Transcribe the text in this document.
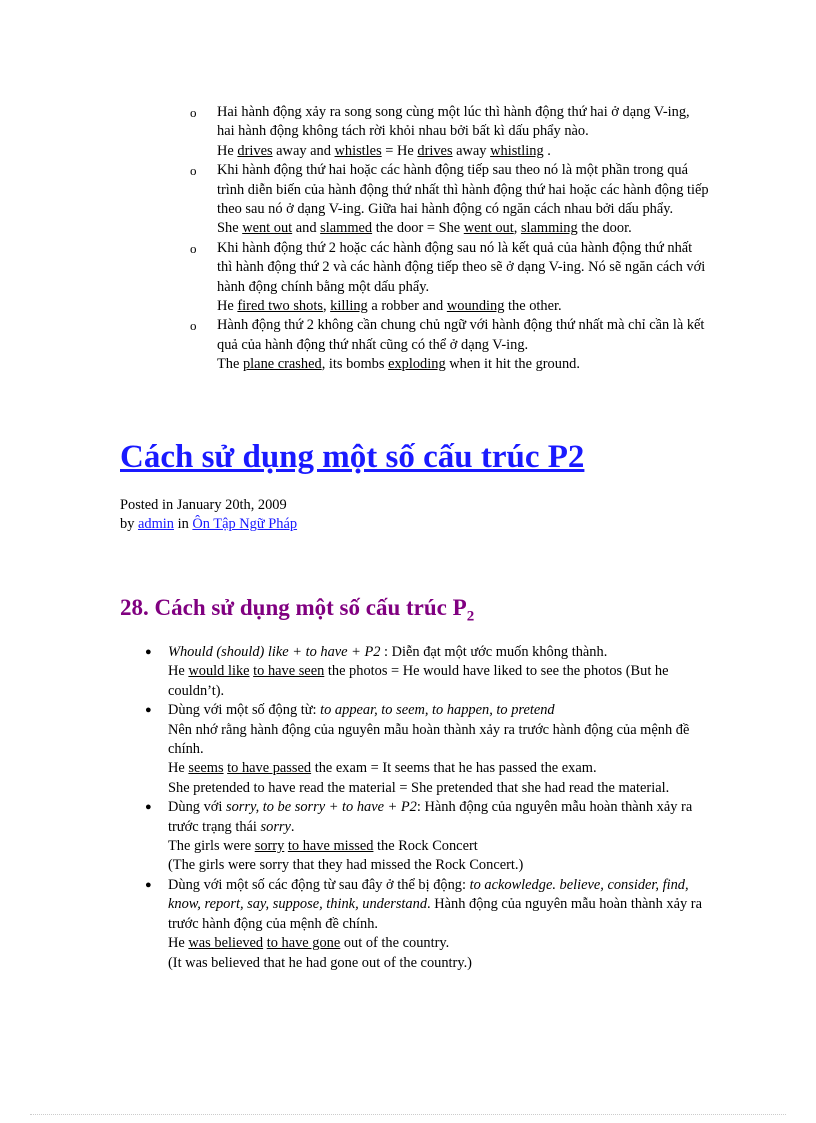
o Hai hành động xảy ra song song cùng một lúc thì hành động thứ hai ở dạng V-ing, hai hành động không tách rời khỏi nhau bởi bất kì dấu phẩy nào.
He drives away and whistles = He drives away whistling .
o Khi hành động thứ hai hoặc các hành động tiếp sau theo nó là một phần trong quá trình diễn biến của hành động thứ nhất thì hành động thứ hai hoặc các hành động tiếp theo sau nó ở dạng V-ing. Giữa hai hành động có ngăn cách nhau bởi dấu phẩy.
She went out and slammed the door = She went out, slamming the door.
o Khi hành động thứ 2 hoặc các hành động sau nó là kết quả của hành động thứ nhất thì hành động thứ 2 và các hành động tiếp theo sẽ ở dạng V-ing. Nó sẽ ngăn cách với hành động chính bằng một dấu phẩy.
He fired two shots, killing a robber and wounding the other.
o Hành động thứ 2 không cần chung chủ ngữ với hành động thứ nhất mà chỉ cần là kết quả của hành động thứ nhất cũng có thể ở dạng V-ing.
The plane crashed, its bombs exploding when it hit the ground.
Cách sử dụng một số cấu trúc P2
Posted in January 20th, 2009
by admin in Ôn Tập Ngữ Pháp
28. Cách sử dụng một số cấu trúc $P_2$
● Whould (should) like + to have + P2 : Diễn đạt một ước muốn không thành.
He would like to have seen the photos = He would have liked to see the photos (But he couldn’t).
● Dùng với một số động từ: to appear, to seem, to happen, to pretend
Nên nhớ rằng hành động của nguyên mẫu hoàn thành xảy ra trước hành động của mệnh đề chính.
He seems to have passed the exam = It seems that he has passed the exam.
She pretended to have read the material = She pretended that she had read the material.
● Dùng với sorry, to be sorry + to have + P2: Hành động của nguyên mẫu hoàn thành xảy ra trước trạng thái sorry.
The girls were sorry to have missed the Rock Concert
(The girls were sorry that they had missed the Rock Concert.)
● Dùng với một số các động từ sau đây ở thể bị động: to ackowledge. believe, consider, find, know, report, say, suppose, think, understand. Hành động của nguyên mẫu hoàn thành xảy ra trước hành động của mệnh đề chính.
He was believed to have gone out of the country.
(It was believed that he had gone out of the country.)
